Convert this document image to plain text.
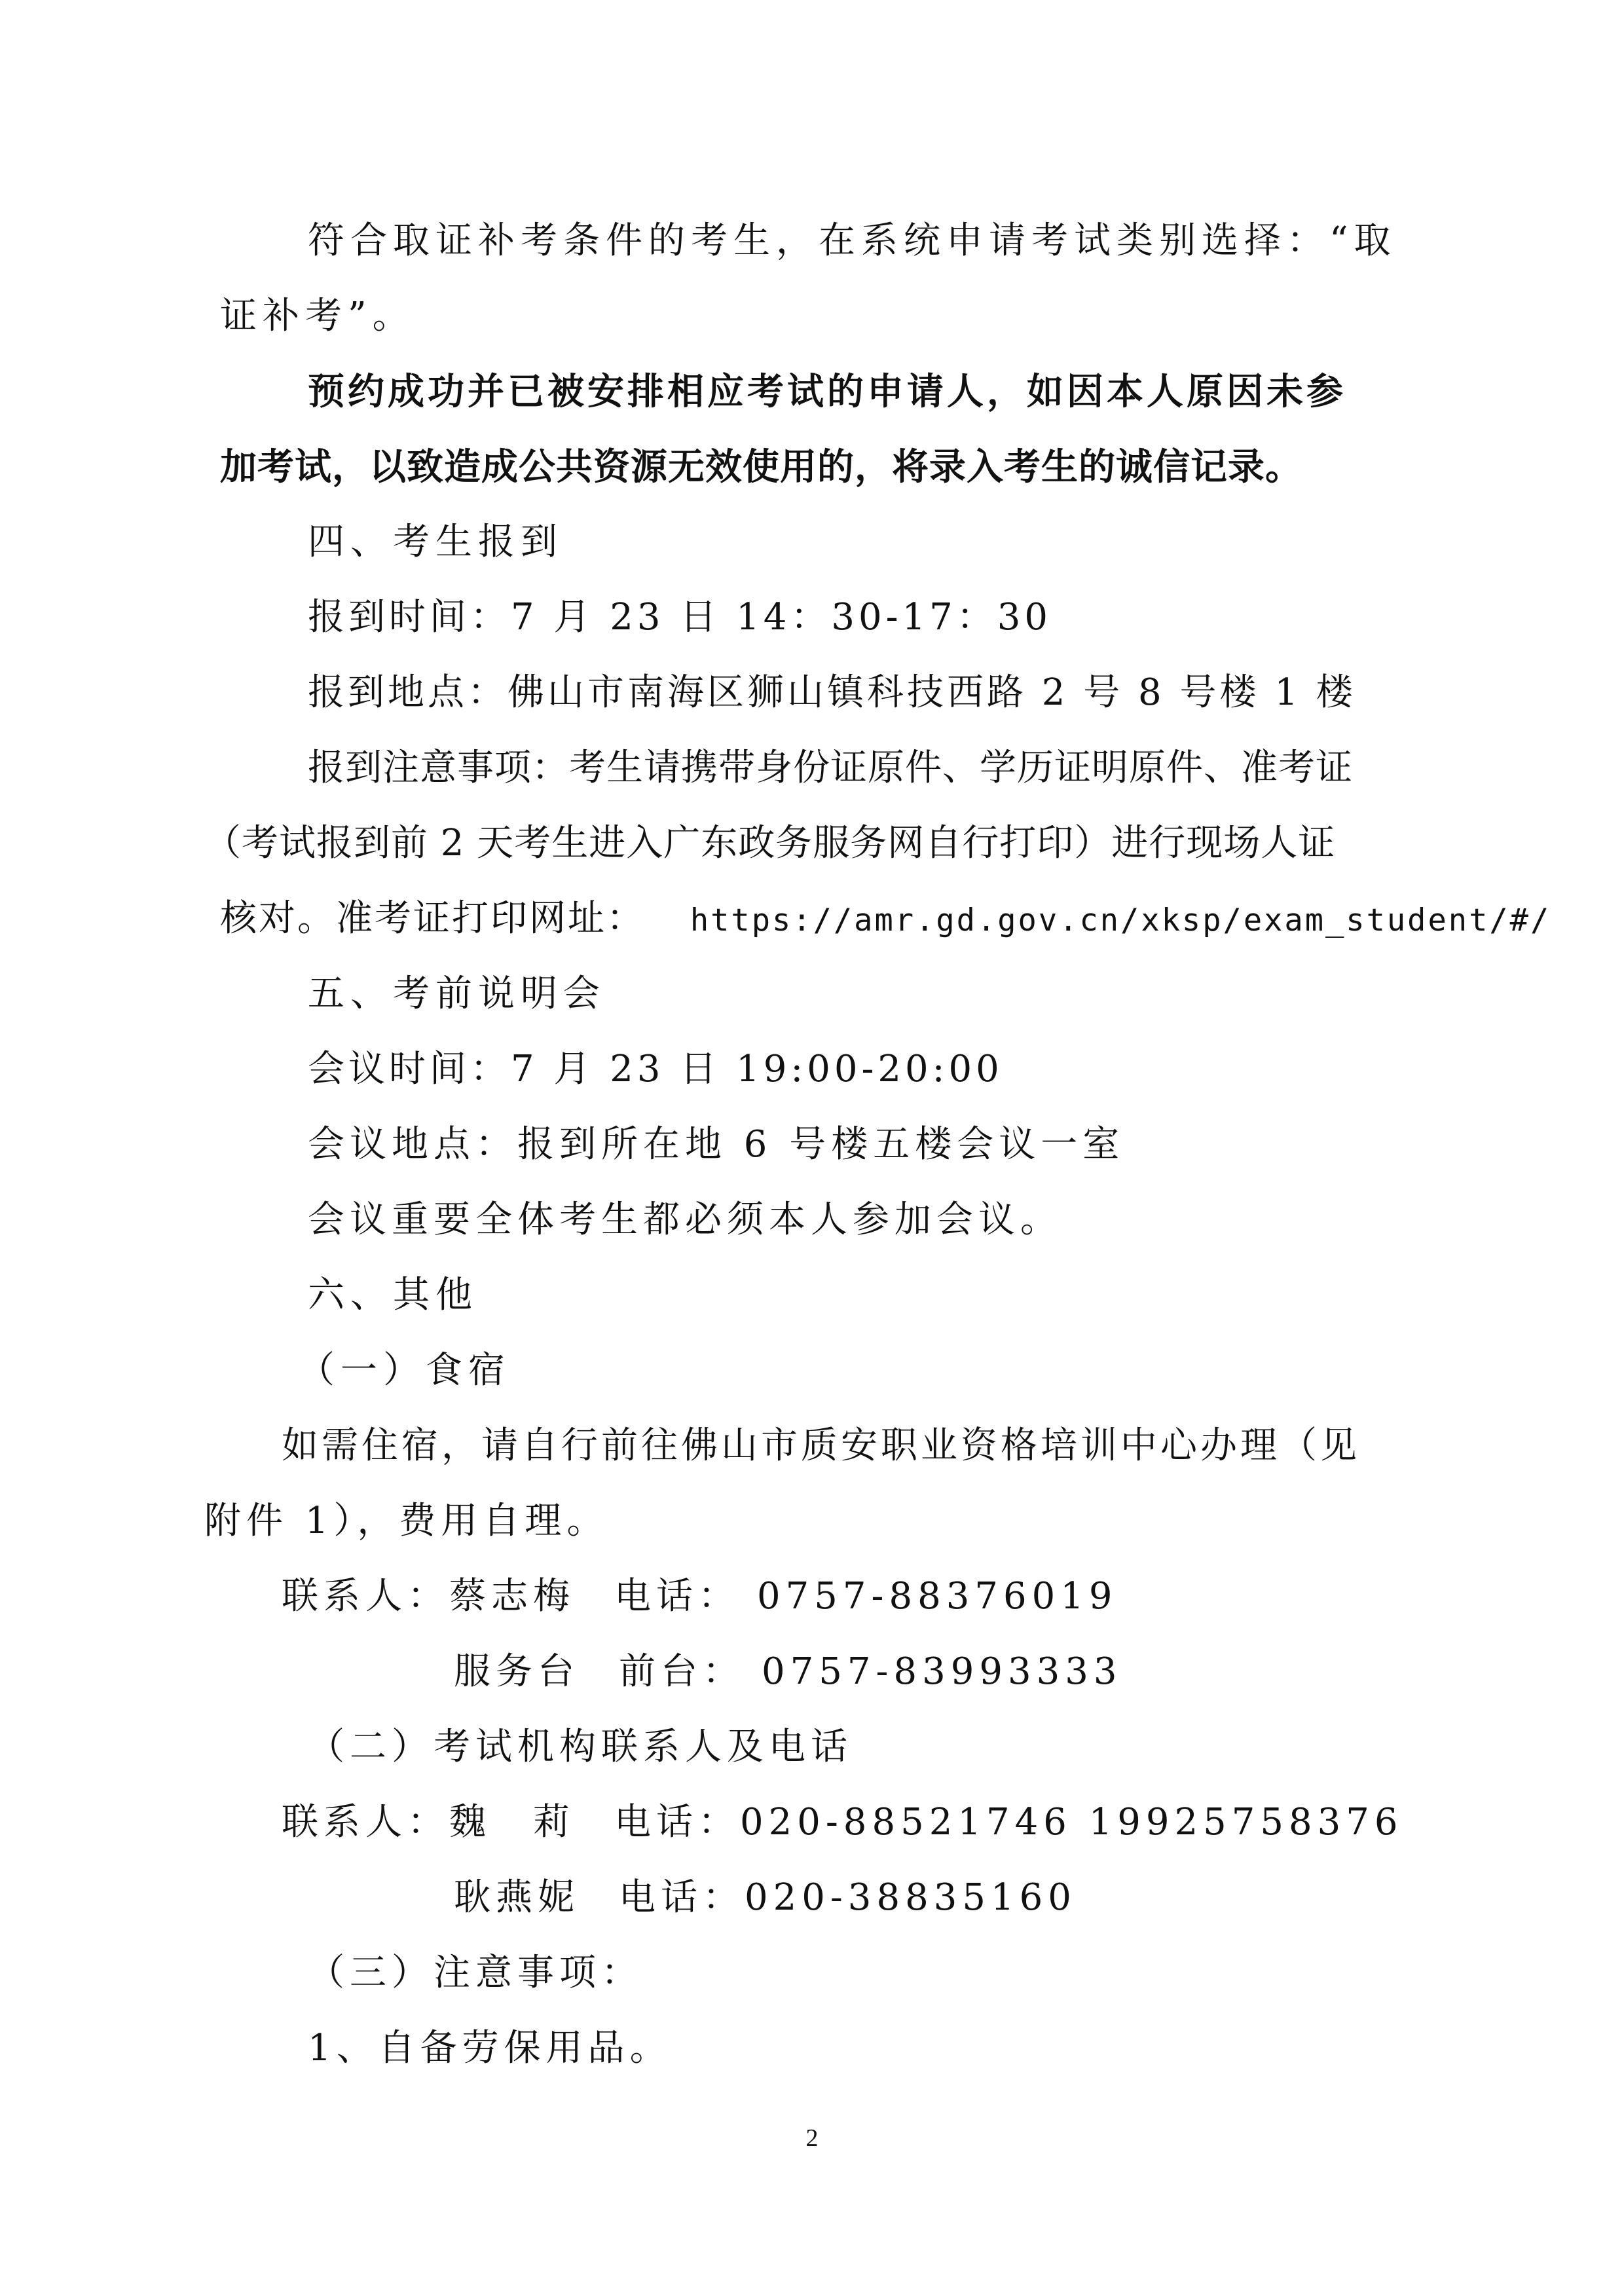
符合取证补考条件的考生，在系统申请考试类别选择：“取
证补考”。
预约成功并已被安排相应考试的申请人，如因本人原因未参
加考试，以致造成公共资源无效使用的，将录入考生的诚信记录。
四、考生报到
报到时间：7 月 23 日 14：30-17：30
报到地点：佛山市南海区狮山镇科技西路 2 号 8 号楼 1 楼
报到注意事项：考生请携带身份证原件、学历证明原件、准考证
（考试报到前 2 天考生进入广东政务服务网自行打印）进行现场人证
核对。准考证打印网址： https://amr.gd.gov.cn/xksp/exam_student/#/
五、考前说明会
会议时间：7 月 23 日 19:00-20:00
会议地点：报到所在地 6 号楼五楼会议一室
会议重要全体考生都必须本人参加会议。
六、其他
（一）食宿
如需住宿，请自行前往佛山市质安职业资格培训中心办理（见
附件 1），费用自理。
联系人：蔡志梅 电话： 0757-88376019
服务台 前台： 0757-83993333
（二）考试机构联系人及电话
联系人：魏　莉 电话：020-88521746 19925758376
耿燕妮 电话：020-38835160
（三）注意事项：
1、自备劳保用品。
2
